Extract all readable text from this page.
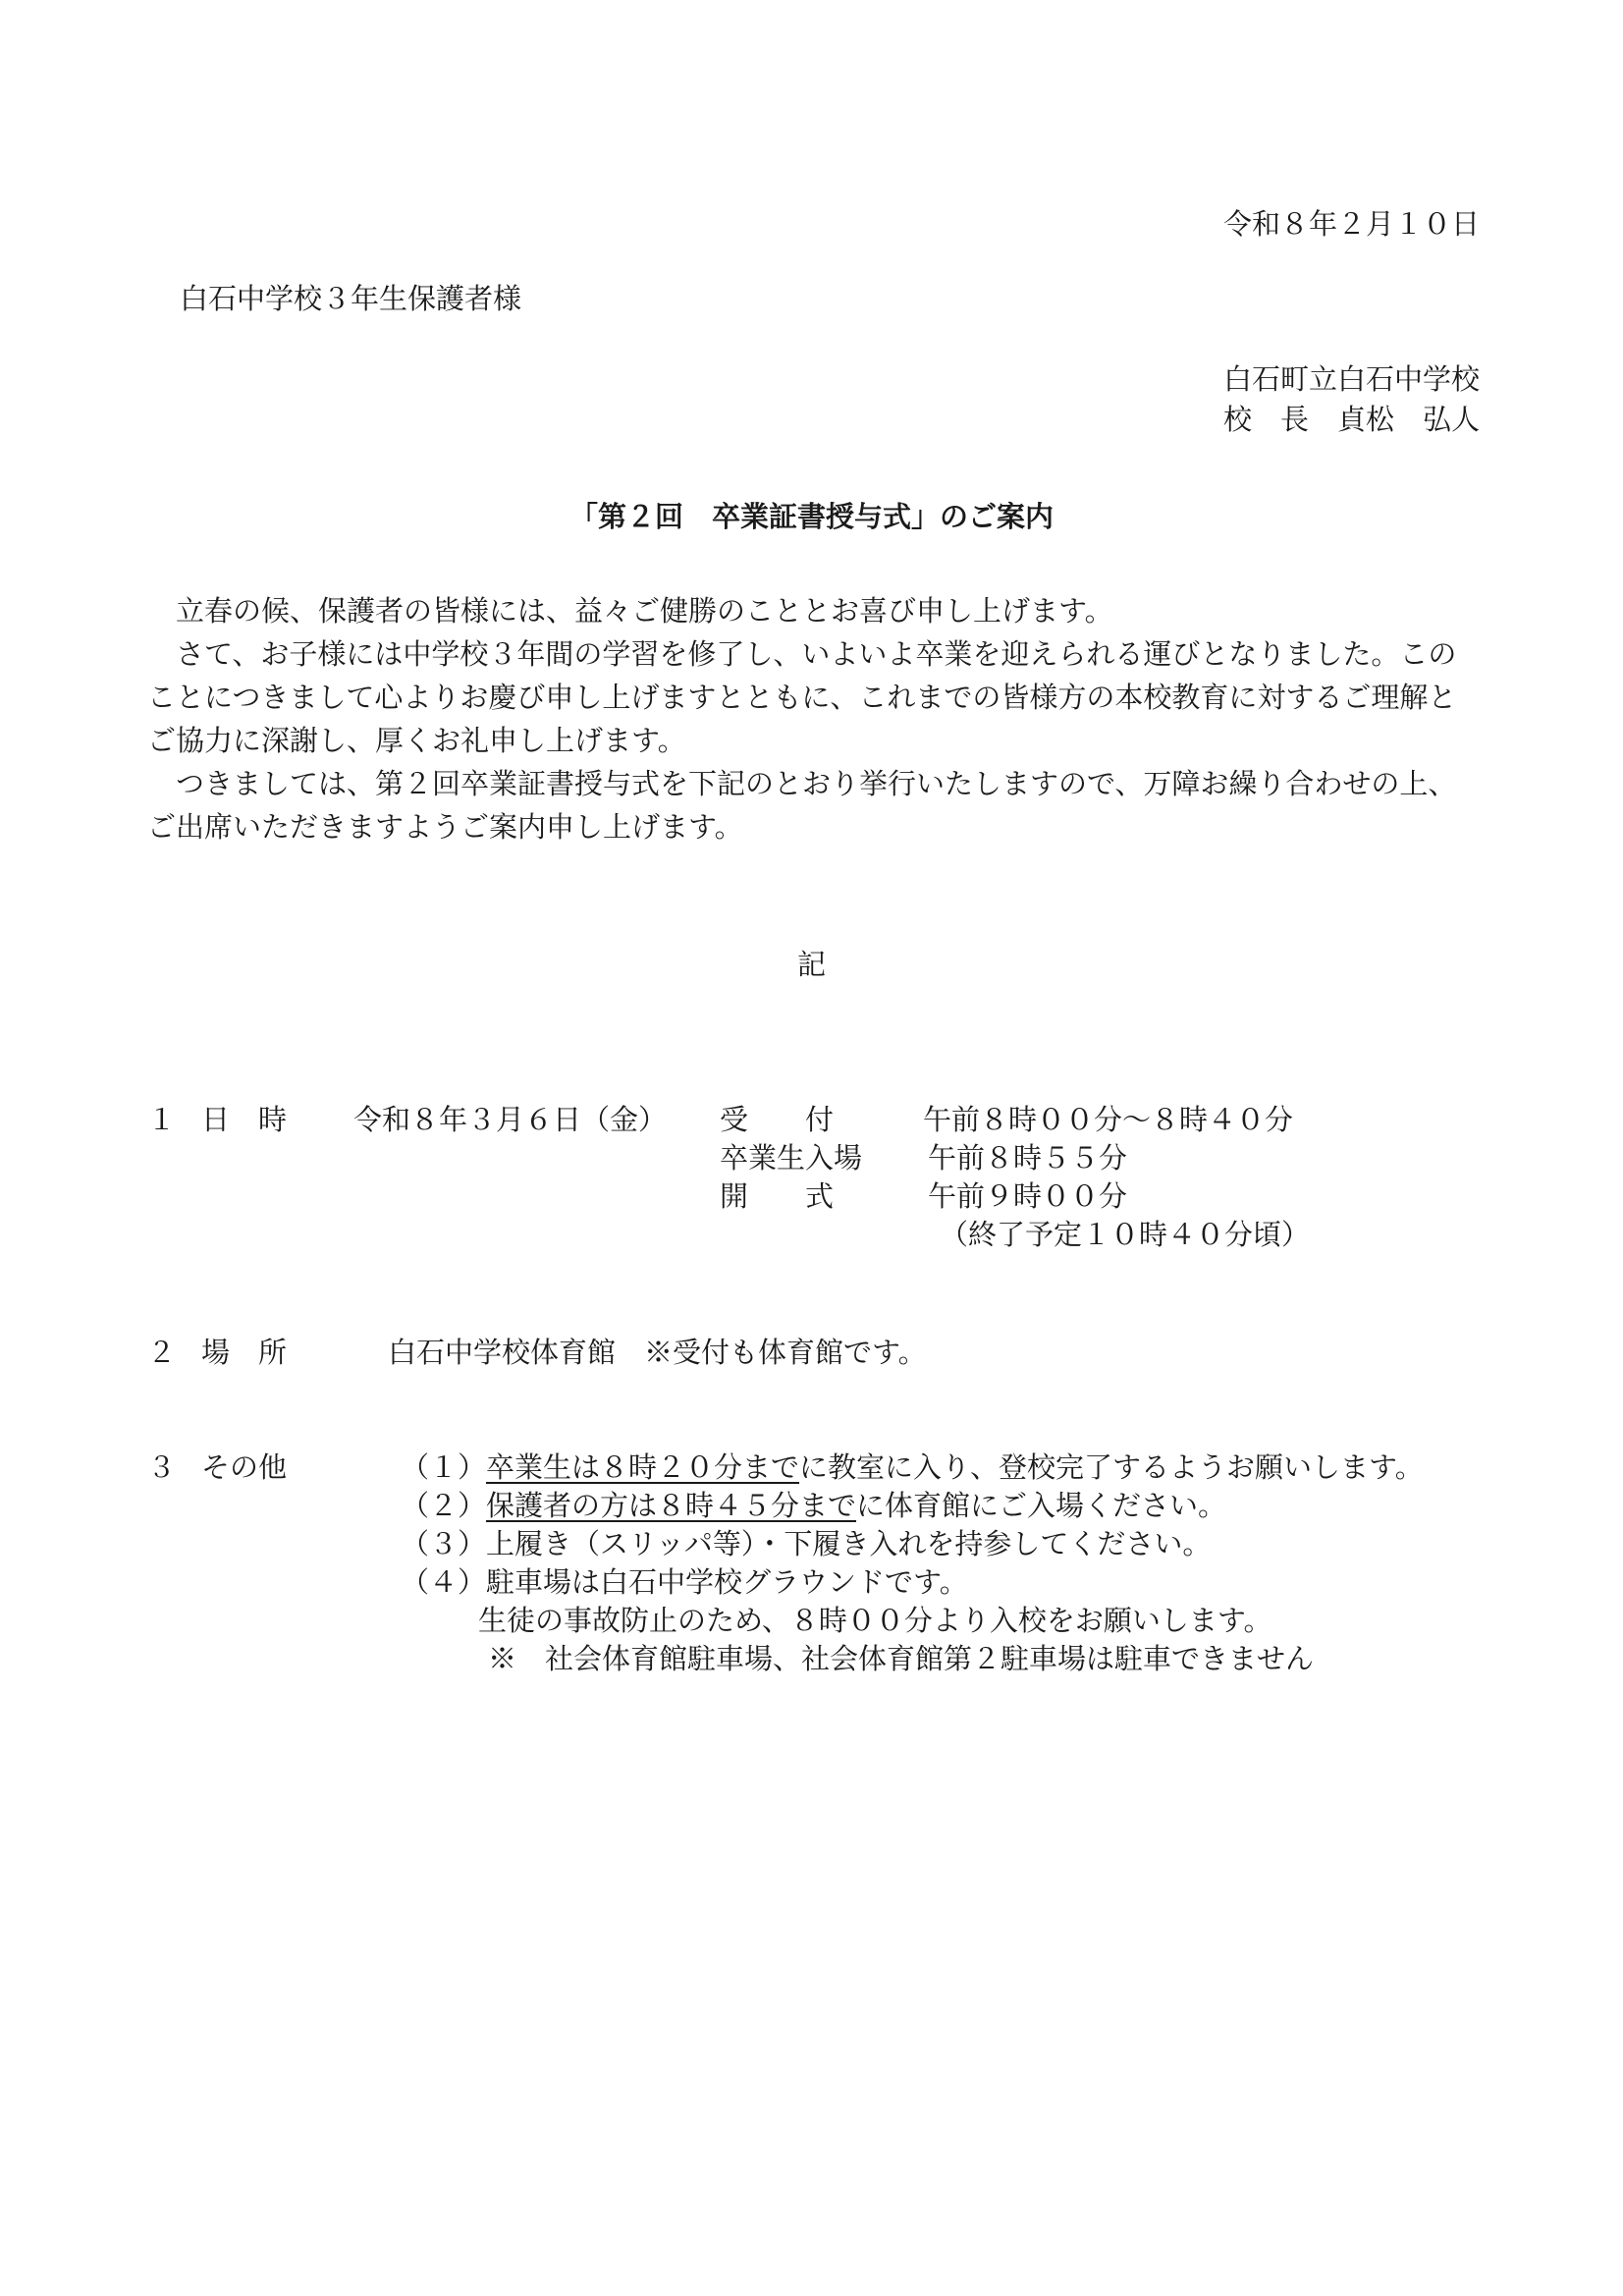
令和８年２月１０日
白石中学校３年生保護者様
白石町立白石中学校
校　長　貞松　弘人
「第２回　卒業証書授与式」のご案内

立春の候、保護者の皆様には、益々ご健勝のこととお喜び申し上げます。

さて、お子様には中学校３年間の学習を修了し、いよいよ卒業を迎えられる運びとなりました。このことにつきまして心よりお慶び申し上げますとともに、これまでの皆様方の本校教育に対するご理解とご協力に深謝し、厚くお礼申し上げます。

つきましては、第２回卒業証書授与式を下記のとおり挙行いたしますので、万障お繰り合わせの上、ご出席いただきますようご案内申し上げます。

記
１ 日　時 令和８年３月６日（金） 受　　付	午前８時００分～８時４０分
卒業生入場 午前８時５５分
開　　式	午前９時００分
（終了予定１０時４０分頃）
２ 場　所	白石中学校体育館　※受付も体育館です。
３ その他	（１）卒業生は８時２０分までに教室に入り、登校完了するようお願いします。
（２）保護者の方は８時４５分までに体育館にご入場ください。
（３）上履き（スリッパ等）・下履き入れを持参してください。
（４）駐車場は白石中学校グラウンドです。
生徒の事故防止のため、８時００分より入校をお願いします。
※　社会体育館駐車場、社会体育館第２駐車場は駐車できません
